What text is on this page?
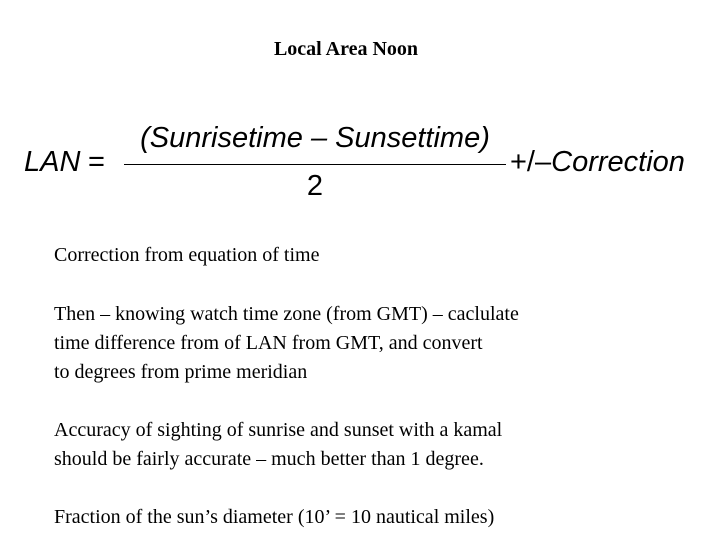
Local Area Noon
LAN =
(Sunrisetime – Sunsettime)
2
+/–Correction
Correction from equation of time
Then – knowing watch time zone (from GMT) – caclulate
time difference from of LAN from GMT, and convert
to degrees from prime meridian
Accuracy of sighting of sunrise and sunset with a kamal
should be fairly accurate – much better than 1 degree.
Fraction of the sun’s diameter (10’ = 10 nautical miles)
